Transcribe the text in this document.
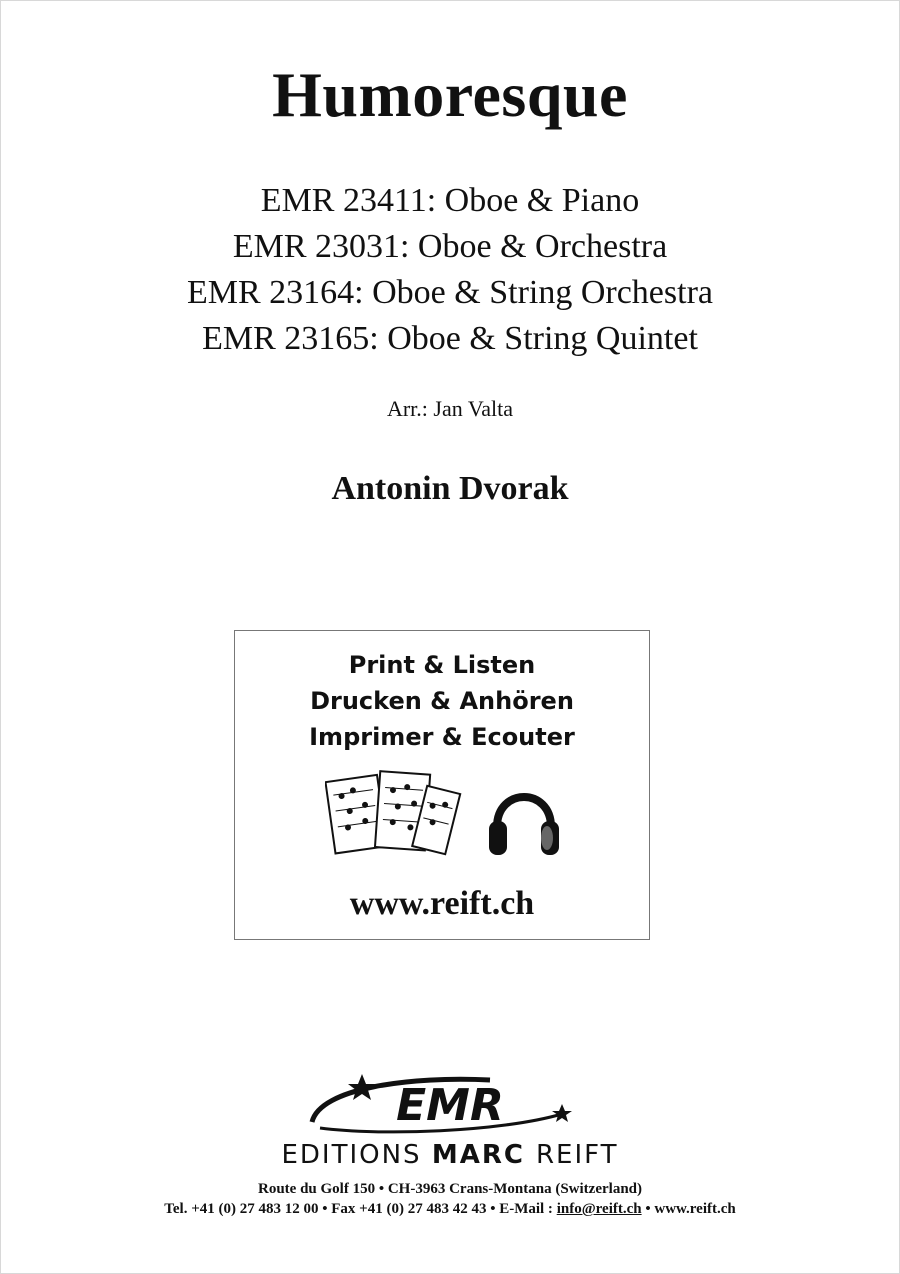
Humoresque
EMR 23411: Oboe & Piano
EMR 23031: Oboe & Orchestra
EMR 23164: Oboe & String Orchestra
EMR 23165: Oboe & String Quintet
Arr.: Jan Valta
Antonin Dvorak
Print & Listen
Drucken & Anhören
Imprimer & Ecouter
www.reift.ch
EMR
EDITIONS MARC REIFT
Route du Golf 150 • CH-3963 Crans-Montana (Switzerland)
Tel. +41 (0) 27 483 12 00 • Fax +41 (0) 27 483 42 43 • E-Mail : info@reift.ch • www.reift.ch
